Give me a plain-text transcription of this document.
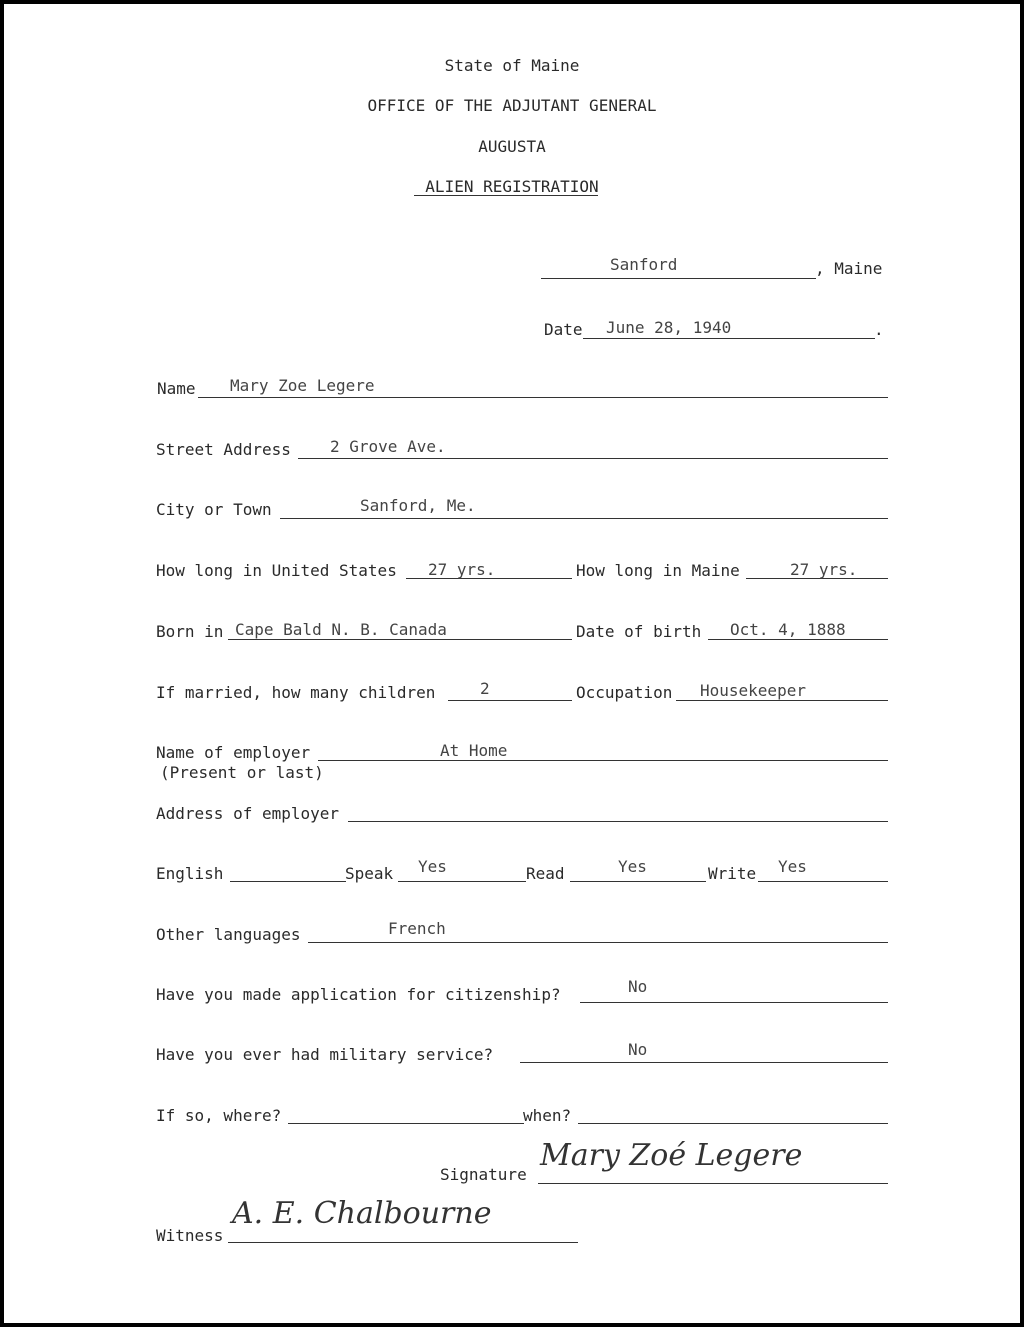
State of Maine
OFFICE OF THE ADJUTANT GENERAL
AUGUSTA
ALIEN REGISTRATION
Sanford	, Maine
Date June 28, 1940	.
Name Mary Zoe Legere
Street Address 2 Grove Ave.
City or Town	Sanford, Me.
How long in United States 27 yrs.	How long in Maine	27 yrs.
Born in Cape Bald N. B. Canada	Date of birth Oct. 4, 1888
If married, how many children	2	Occupation Housekeeper
Name of employer	At Home
(Present or last)
Address of employer
English	Speak Yes	Read	Yes	Write Yes
Other languages	French
Have you made application for citizenship?	No
Have you ever had military service?	No
If so, where?	when?
Signature
Mary Zoé Legere
Witness
A. E. Chalbourne
